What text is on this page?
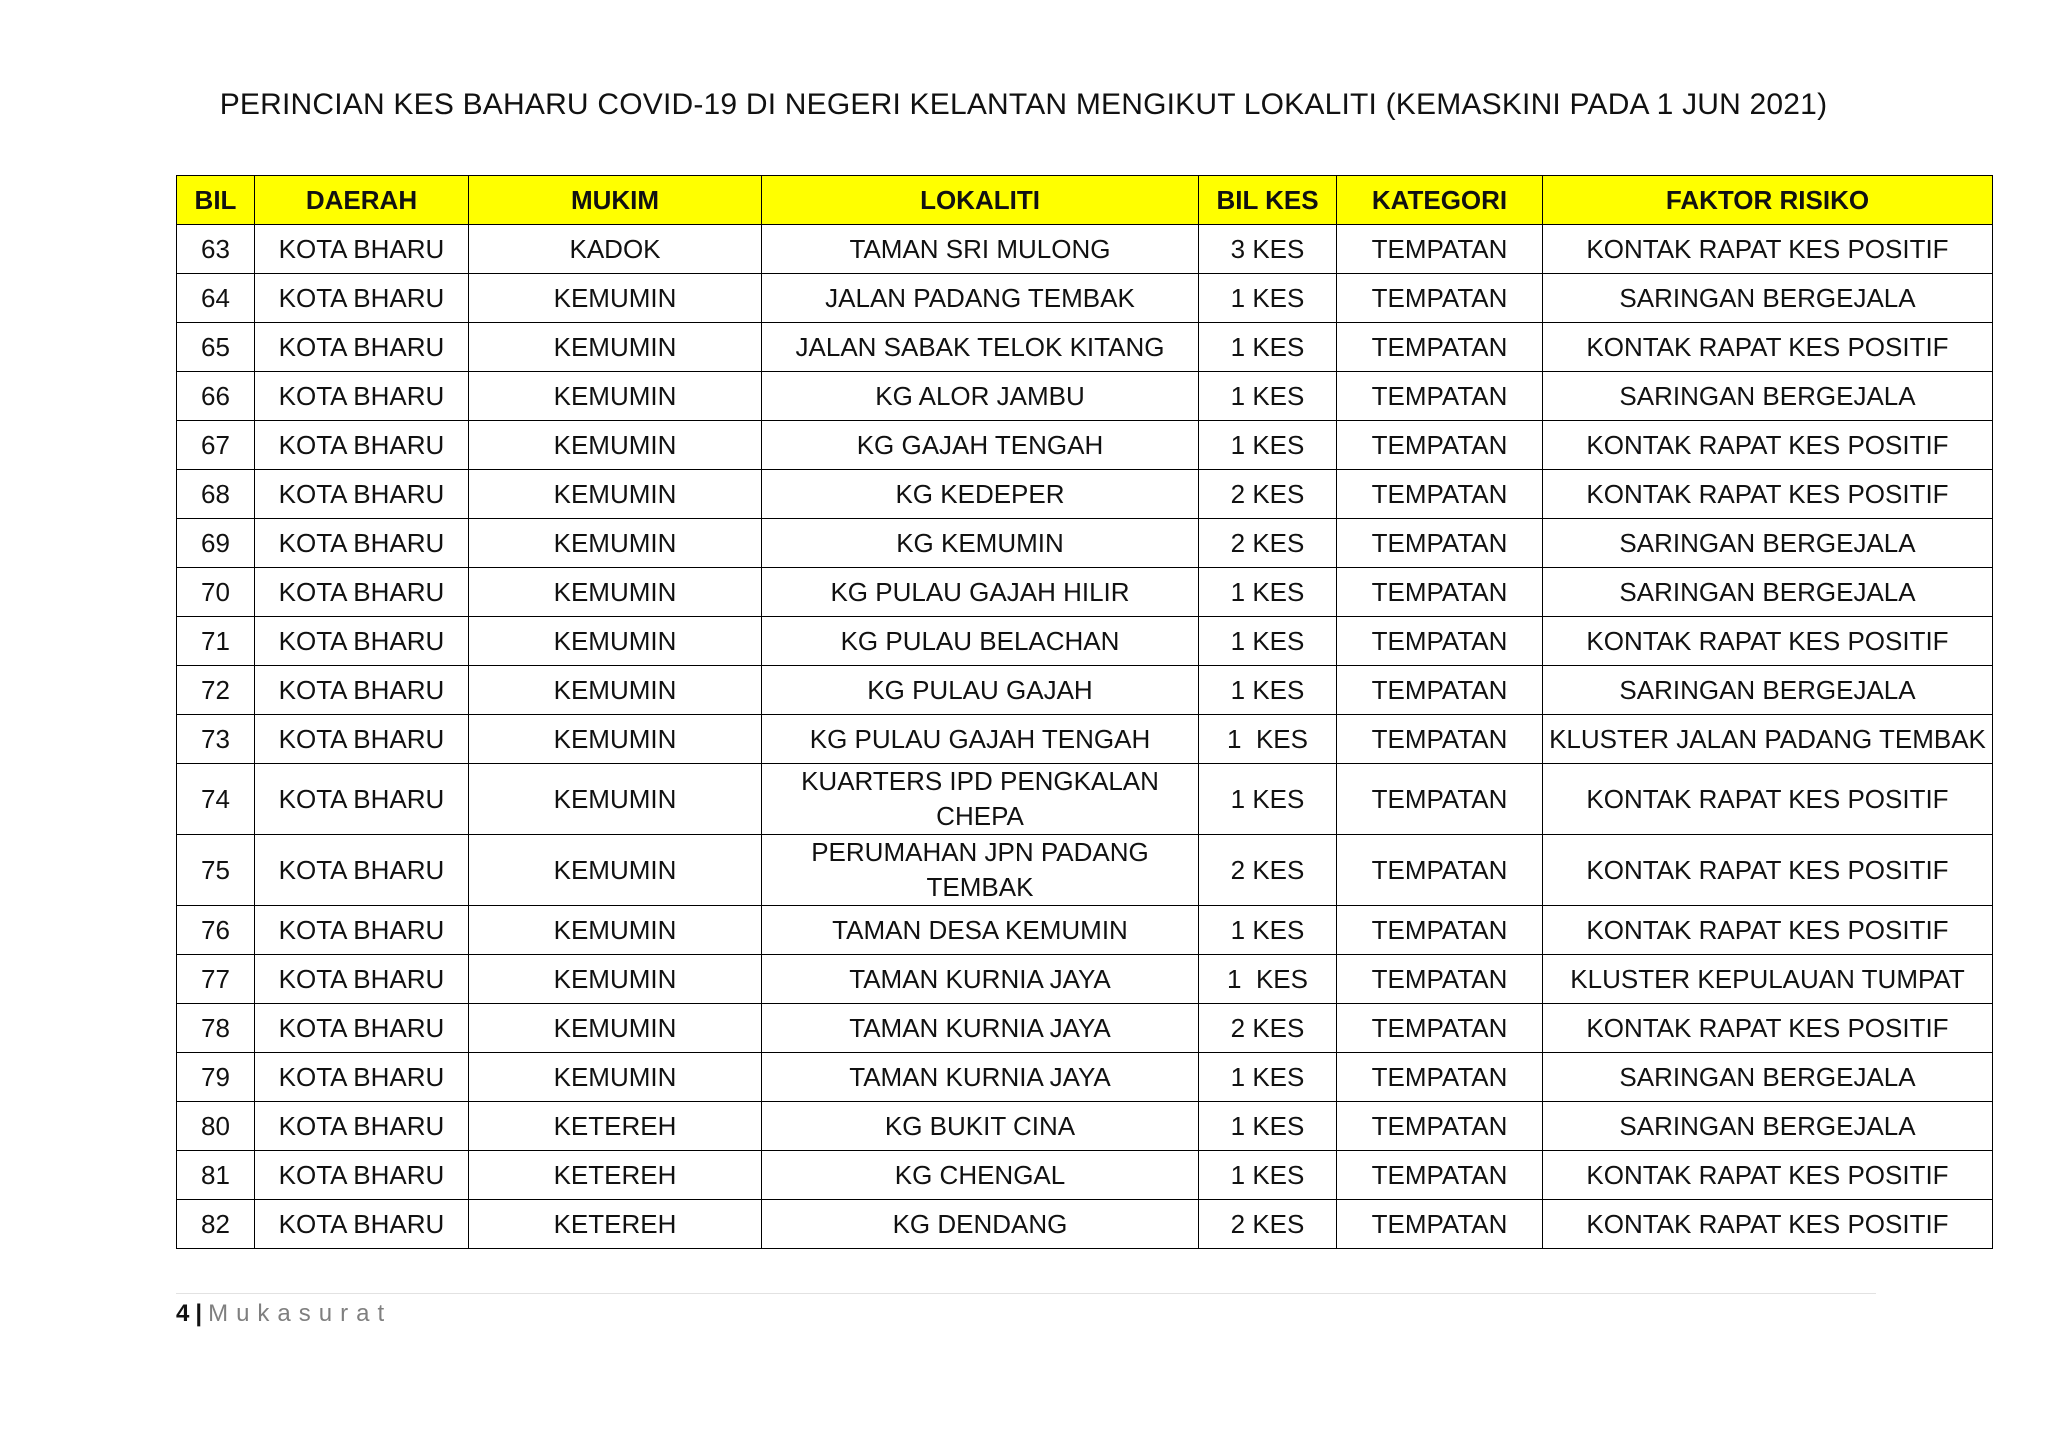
PERINCIAN KES BAHARU COVID-19 DI NEGERI KELANTAN MENGIKUT LOKALITI (KEMASKINI PADA 1 JUN 2021)
BIL	DAERAH	MUKIM	LOKALITI	BIL KES	KATEGORI	FAKTOR RISIKO
63	KOTA BHARU	KADOK	TAMAN SRI MULONG	3 KES	TEMPATAN	KONTAK RAPAT KES POSITIF
64	KOTA BHARU	KEMUMIN	JALAN PADANG TEMBAK	1 KES	TEMPATAN	SARINGAN BERGEJALA
65	KOTA BHARU	KEMUMIN	JALAN SABAK TELOK KITANG	1 KES	TEMPATAN	KONTAK RAPAT KES POSITIF
66	KOTA BHARU	KEMUMIN	KG ALOR JAMBU	1 KES	TEMPATAN	SARINGAN BERGEJALA
67	KOTA BHARU	KEMUMIN	KG GAJAH TENGAH	1 KES	TEMPATAN	KONTAK RAPAT KES POSITIF
68	KOTA BHARU	KEMUMIN	KG KEDEPER	2 KES	TEMPATAN	KONTAK RAPAT KES POSITIF
69	KOTA BHARU	KEMUMIN	KG KEMUMIN	2 KES	TEMPATAN	SARINGAN BERGEJALA
70	KOTA BHARU	KEMUMIN	KG PULAU GAJAH HILIR	1 KES	TEMPATAN	SARINGAN BERGEJALA
71	KOTA BHARU	KEMUMIN	KG PULAU BELACHAN	1 KES	TEMPATAN	KONTAK RAPAT KES POSITIF
72	KOTA BHARU	KEMUMIN	KG PULAU GAJAH	1 KES	TEMPATAN	SARINGAN BERGEJALA
73	KOTA BHARU	KEMUMIN	KG PULAU GAJAH TENGAH	1  KES	TEMPATAN	KLUSTER JALAN PADANG TEMBAK
74	KOTA BHARU	KEMUMIN	KUARTERS IPD PENGKALAN CHEPA	1 KES	TEMPATAN	KONTAK RAPAT KES POSITIF
75	KOTA BHARU	KEMUMIN	PERUMAHAN JPN PADANG TEMBAK	2 KES	TEMPATAN	KONTAK RAPAT KES POSITIF
76	KOTA BHARU	KEMUMIN	TAMAN DESA KEMUMIN	1 KES	TEMPATAN	KONTAK RAPAT KES POSITIF
77	KOTA BHARU	KEMUMIN	TAMAN KURNIA JAYA	1  KES	TEMPATAN	KLUSTER KEPULAUAN TUMPAT
78	KOTA BHARU	KEMUMIN	TAMAN KURNIA JAYA	2 KES	TEMPATAN	KONTAK RAPAT KES POSITIF
79	KOTA BHARU	KEMUMIN	TAMAN KURNIA JAYA	1 KES	TEMPATAN	SARINGAN BERGEJALA
80	KOTA BHARU	KETEREH	KG BUKIT CINA	1 KES	TEMPATAN	SARINGAN BERGEJALA
81	KOTA BHARU	KETEREH	KG CHENGAL	1 KES	TEMPATAN	KONTAK RAPAT KES POSITIF
82	KOTA BHARU	KETEREH	KG DENDANG	2 KES	TEMPATAN	KONTAK RAPAT KES POSITIF
4 | Mukasurat
